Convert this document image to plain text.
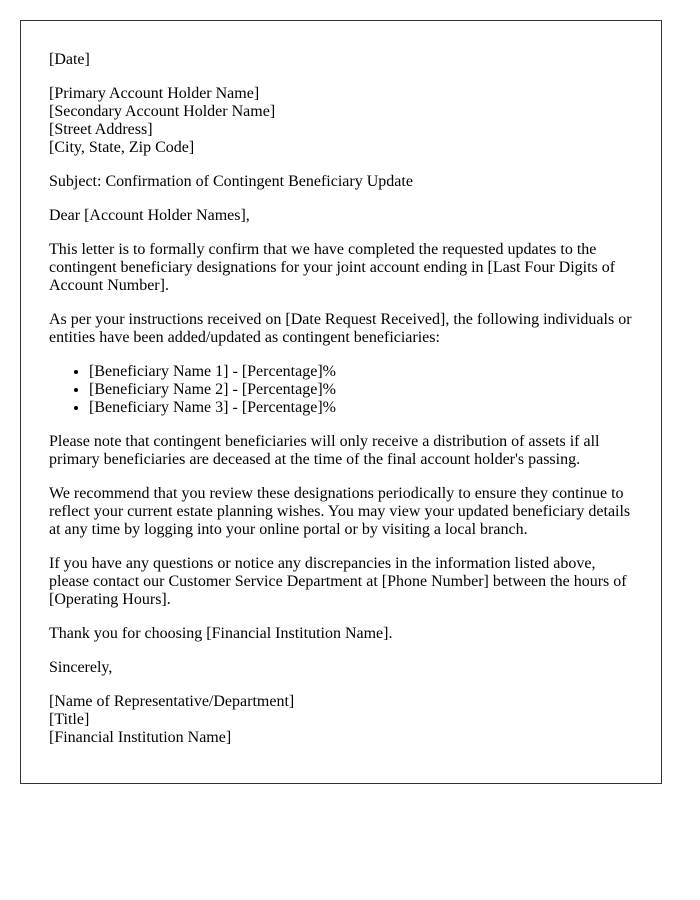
[Date]

[Primary Account Holder Name]
[Secondary Account Holder Name]
[Street Address]
[City, State, Zip Code]

Subject: Confirmation of Contingent Beneficiary Update

Dear [Account Holder Names],

This letter is to formally confirm that we have completed the requested updates to the contingent beneficiary designations for your joint account ending in [Last Four Digits of Account Number].

As per your instructions received on [Date Request Received], the following individuals or entities have been added/updated as contingent beneficiaries:

• [Beneficiary Name 1] - [Percentage]%
• [Beneficiary Name 2] - [Percentage]%
• [Beneficiary Name 3] - [Percentage]%

Please note that contingent beneficiaries will only receive a distribution of assets if all primary beneficiaries are deceased at the time of the final account holder's passing.

We recommend that you review these designations periodically to ensure they continue to reflect your current estate planning wishes. You may view your updated beneficiary details at any time by logging into your online portal or by visiting a local branch.

If you have any questions or notice any discrepancies in the information listed above, please contact our Customer Service Department at [Phone Number] between the hours of [Operating Hours].

Thank you for choosing [Financial Institution Name].

Sincerely,

[Name of Representative/Department]
[Title]
[Financial Institution Name]
